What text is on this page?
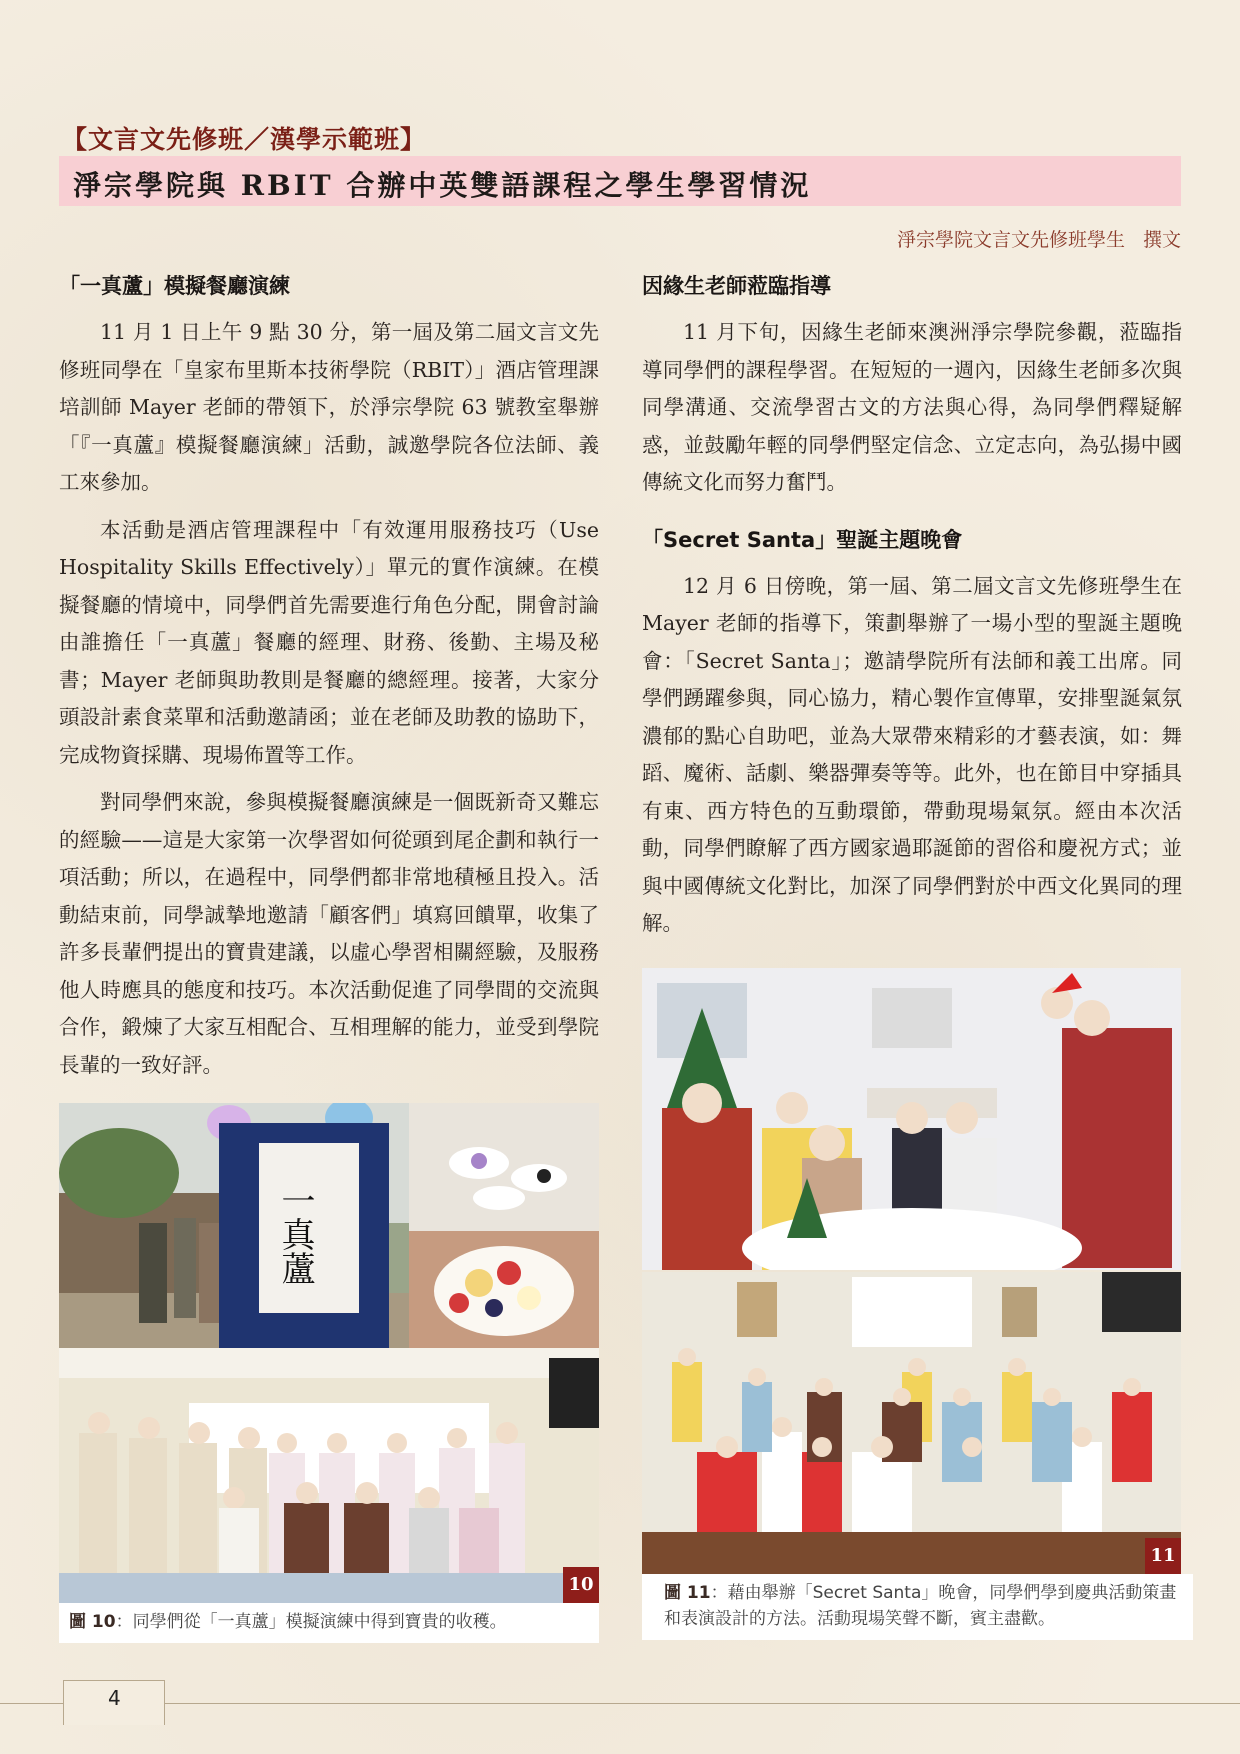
【文言文先修班／漢學示範班】
淨宗學院與 RBIT 合辦中英雙語課程之學生學習情況
淨宗學院文言文先修班學生 撰文
「一真蘆」模擬餐廳演練

11 月 1 日上午 9 點 30 分，第一屆及第二屆文言文先修班同學在「皇家布里斯本技術學院（RBIT）」酒店管理課培訓師 Mayer 老師的帶領下，於淨宗學院 63 號教室舉辦「『一真蘆』模擬餐廳演練」活動，誠邀學院各位法師、義工來參加。

本活動是酒店管理課程中「有效運用服務技巧（Use Hospitality Skills Effectively）」單元的實作演練。在模擬餐廳的情境中，同學們首先需要進行角色分配，開會討論由誰擔任「一真蘆」餐廳的經理、財務、後勤、主場及秘書；Mayer 老師與助教則是餐廳的總經理。接著，大家分頭設計素食菜單和活動邀請函；並在老師及助教的協助下，完成物資採購、現場佈置等工作。

對同學們來說，參與模擬餐廳演練是一個既新奇又難忘的經驗——這是大家第一次學習如何從頭到尾企劃和執行一項活動；所以，在過程中，同學們都非常地積極且投入。活動結束前，同學誠摯地邀請「顧客們」填寫回饋單，收集了許多長輩們提出的寶貴建議，以虛心學習相關經驗，及服務他人時應具的態度和技巧。本次活動促進了同學間的交流與合作，鍛煉了大家互相配合、互相理解的能力，並受到學院長輩的一致好評。

一真蘆
10
圖 10：同學們從「一真蘆」模擬演練中得到寶貴的收穫。
因緣生老師蒞臨指導

11 月下旬，因緣生老師來澳洲淨宗學院參觀，蒞臨指導同學們的課程學習。在短短的一週內，因緣生老師多次與同學溝通、交流學習古文的方法與心得，為同學們釋疑解惑，並鼓勵年輕的同學們堅定信念、立定志向，為弘揚中國傳統文化而努力奮鬥。

「Secret Santa」聖誕主題晚會

12 月 6 日傍晚，第一屆、第二屆文言文先修班學生在 Mayer 老師的指導下，策劃舉辦了一場小型的聖誕主題晚會：「Secret Santa」；邀請學院所有法師和義工出席。同學們踴躍參與，同心協力，精心製作宣傳單，安排聖誕氣氛濃郁的點心自助吧，並為大眾帶來精彩的才藝表演，如：舞蹈、魔術、話劇、樂器彈奏等等。此外，也在節目中穿插具有東、西方特色的互動環節，帶動現場氣氛。經由本次活動，同學們瞭解了西方國家過耶誕節的習俗和慶祝方式；並與中國傳統文化對比，加深了同學們對於中西文化異同的理解。

11
圖 11：藉由舉辦「Secret Santa」晚會，同學們學到慶典活動策畫和表演設計的方法。活動現場笑聲不斷，賓主盡歡。
4
